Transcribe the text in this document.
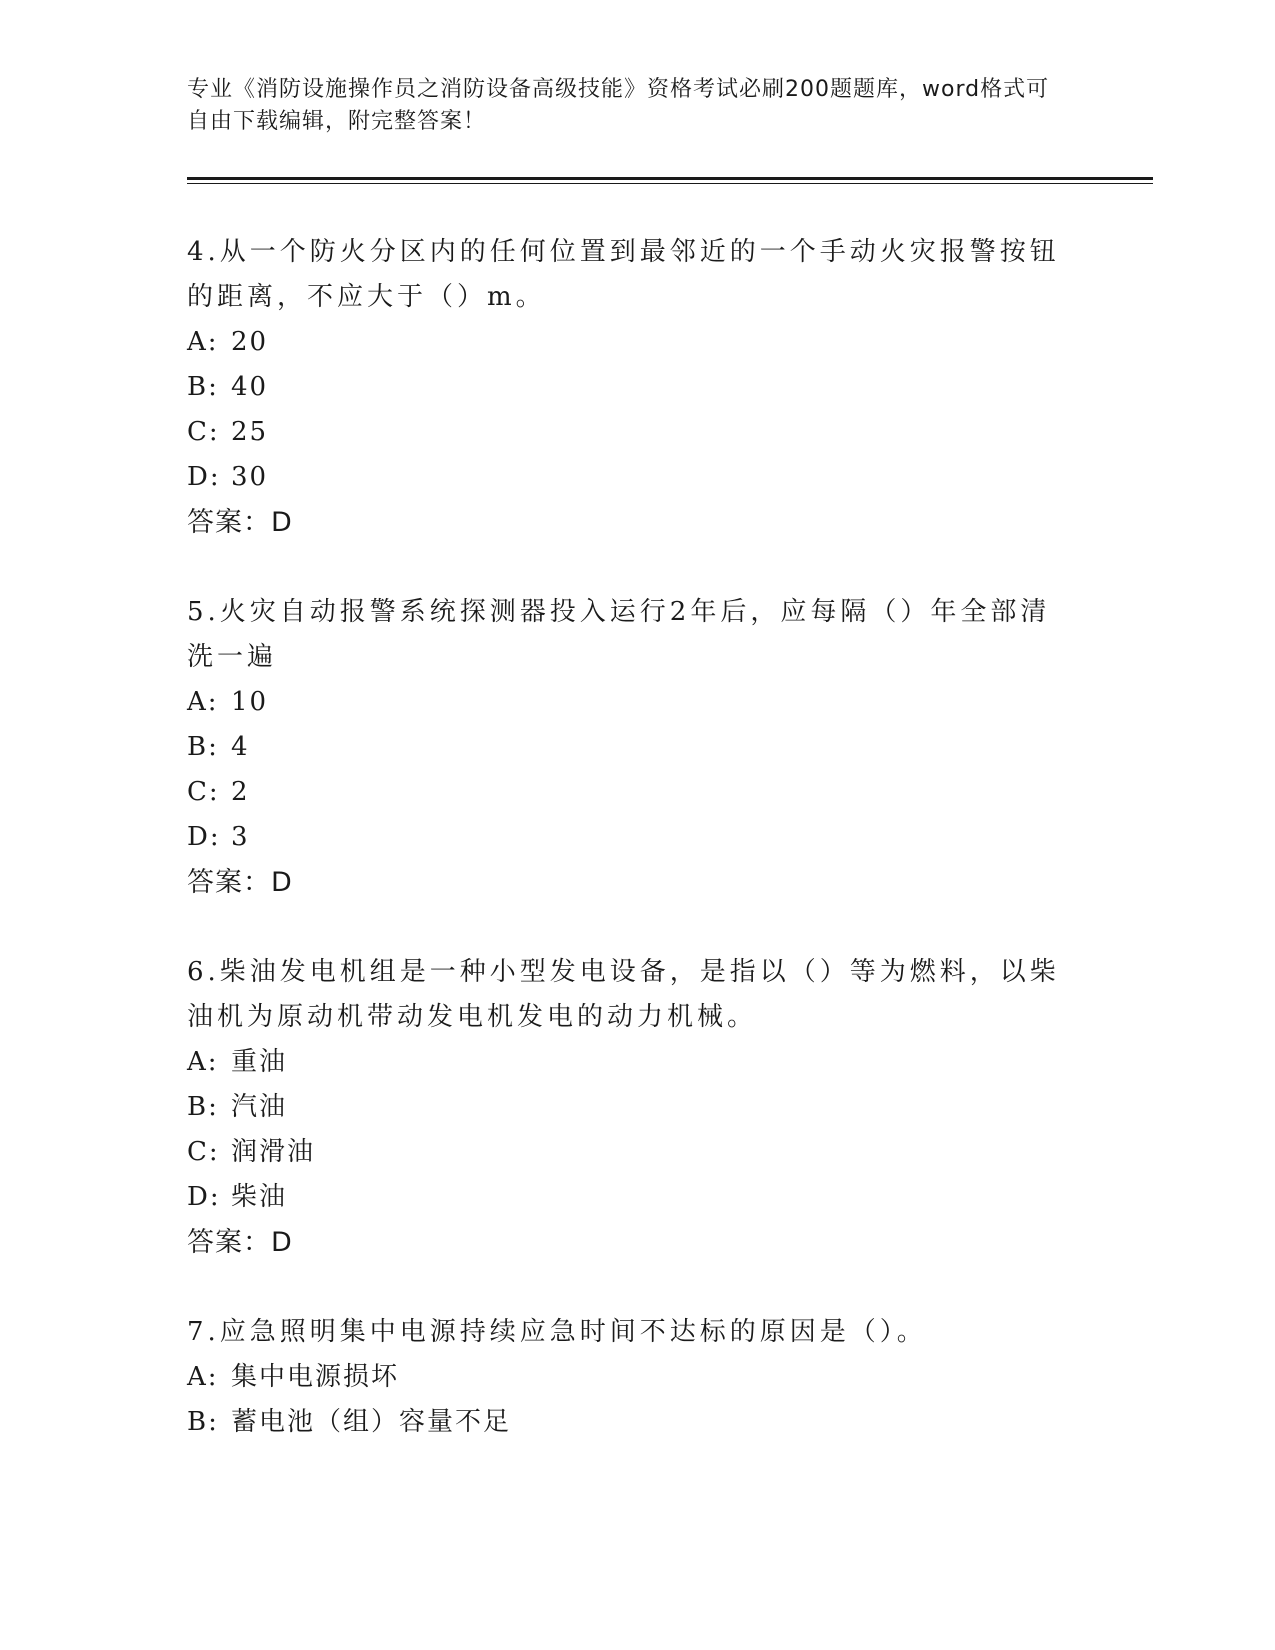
专业《消防设施操作员之消防设备高级技能》资格考试必刷200题题库，word格式可自由下载编辑，附完整答案！

4.从一个防火分区内的任何位置到最邻近的一个手动火灾报警按钮的距离，不应大于（）m。

A: 20
B: 40
C: 25
D: 30
答案：D

5.火灾自动报警系统探测器投入运行2年后，应每隔（）年全部清洗一遍

A: 10
B: 4
C: 2
D: 3
答案：D

6.柴油发电机组是一种小型发电设备，是指以（）等为燃料，以柴油机为原动机带动发电机发电的动力机械。

A: 重油
B: 汽油
C: 润滑油
D: 柴油
答案：D

7.应急照明集中电源持续应急时间不达标的原因是（）。

A: 集中电源损坏
B: 蓄电池（组）容量不足
